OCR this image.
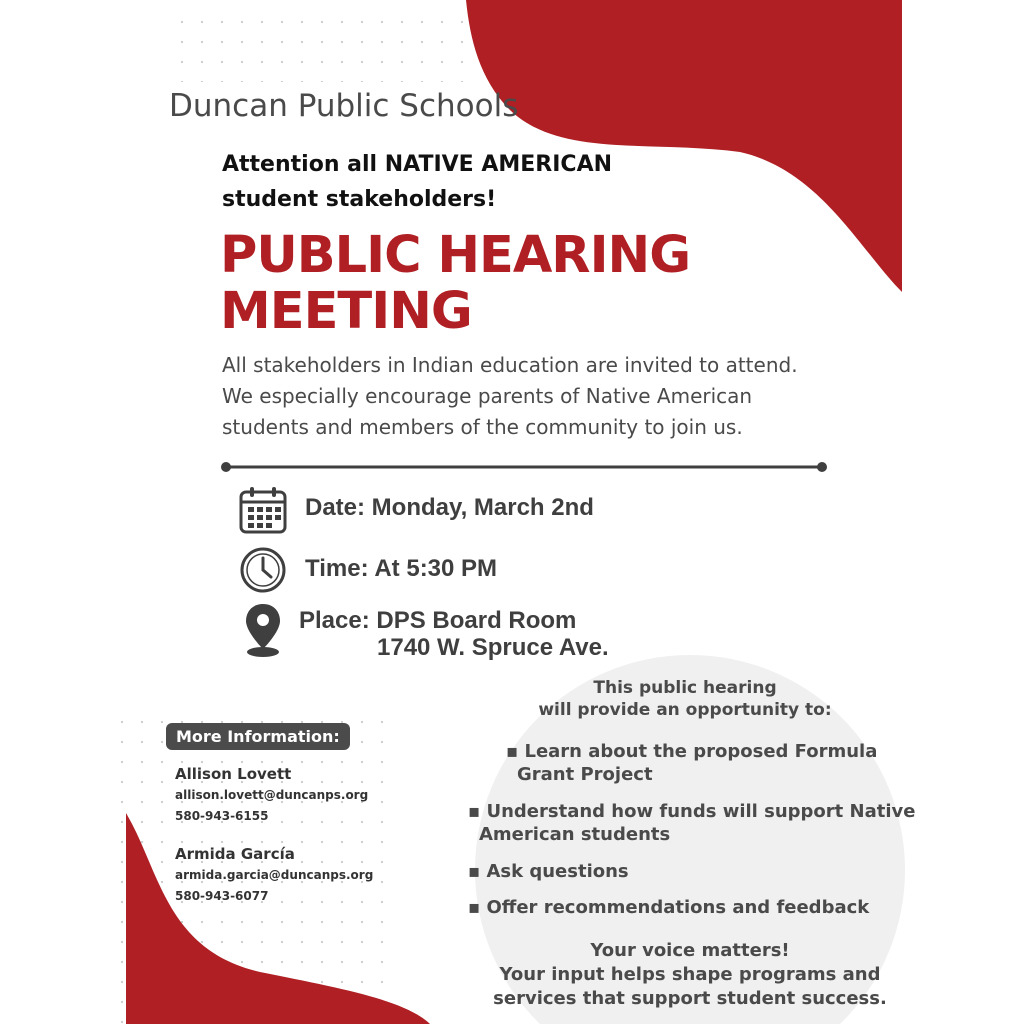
Duncan Public Schools
Attention all NATIVE AMERICAN
student stakeholders!
PUBLIC HEARING
MEETING
All stakeholders in Indian education are invited to attend.
We especially encourage parents of Native American
students and members of the community to join us.
Date: Monday, March 2nd
Time: At 5:30 PM
Place: DPS Board Room
1740 W. Spruce Ave.
More Information:
Allison Lovett
allison.lovett@duncanps.org
580-943-6155
Armida García
armida.garcia@duncanps.org
580-943-6077
This public hearing
will provide an opportunity to:
▪ Learn about the proposed Formula
Grant Project
▪ Understand how funds will support Native
American students
▪ Ask questions
▪ Offer recommendations and feedback
Your voice matters!
Your input helps shape programs and
services that support student success.
